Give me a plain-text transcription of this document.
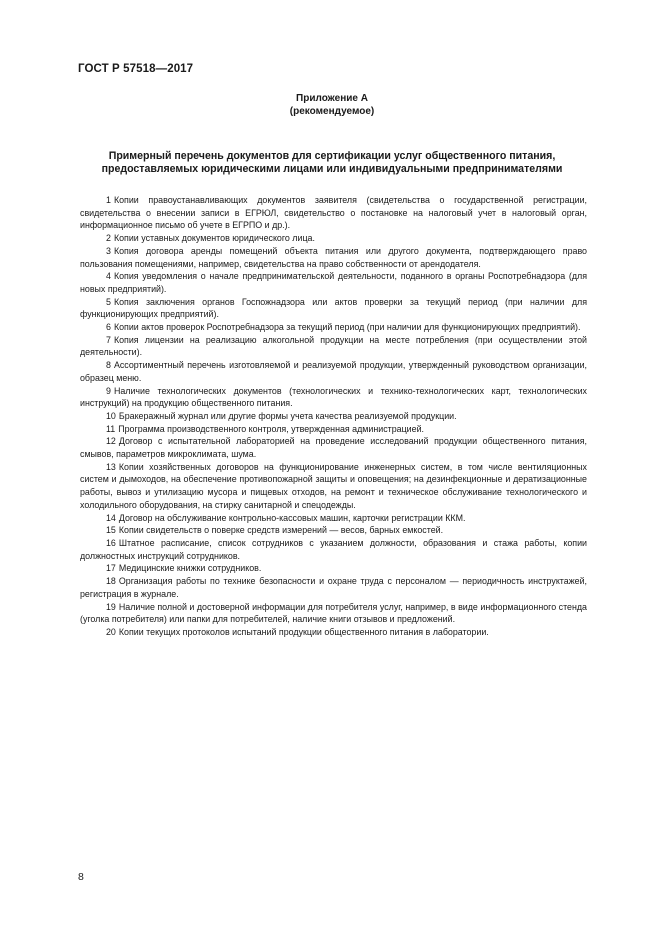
ГОСТ Р 57518—2017
Приложение А
(рекомендуемое)
Примерный перечень документов для сертификации услуг общественного питания,
предоставляемых юридическими лицами или индивидуальными предпринимателями
1 Копии правоустанавливающих документов заявителя (свидетельства о государственной регистрации, свидетельства о внесении записи в ЕГРЮЛ, свидетельство о постановке на налоговый учет в налоговый орган, информационное письмо об учете в ЕГРПО и др.).
2 Копии уставных документов юридического лица.
3 Копия договора аренды помещений объекта питания или другого документа, подтверждающего право пользования помещениями, например, свидетельства на право собственности от арендодателя.
4 Копия уведомления о начале предпринимательской деятельности, поданного в органы Роспотребнадзора (для новых предприятий).
5 Копия заключения органов Госпожнадзора или актов проверки за текущий период (при наличии для функционирующих предприятий).
6 Копии актов проверок Роспотребнадзора за текущий период (при наличии для функционирующих предприятий).
7 Копия лицензии на реализацию алкогольной продукции на месте потребления (при осуществлении этой деятельности).
8 Ассортиментный перечень изготовляемой и реализуемой продукции, утвержденный руководством организации, образец меню.
9 Наличие технологических документов (технологических и технико-технологических карт, технологических инструкций) на продукцию общественного питания.
10 Бракеражный журнал или другие формы учета качества реализуемой продукции.
11 Программа производственного контроля, утвержденная администрацией.
12 Договор с испытательной лабораторией на проведение исследований продукции общественного питания, смывов, параметров микроклимата, шума.
13 Копии хозяйственных договоров на функционирование инженерных систем, в том числе вентиляционных систем и дымоходов, на обеспечение противопожарной защиты и оповещения; на дезинфекционные и дератизационные работы, вывоз и утилизацию мусора и пищевых отходов, на ремонт и техническое обслуживание технологического и холодильного оборудования, на стирку санитарной и спецодежды.
14 Договор на обслуживание контрольно-кассовых машин, карточки регистрации ККМ.
15 Копии свидетельств о поверке средств измерений — весов, барных емкостей.
16 Штатное расписание, список сотрудников с указанием должности, образования и стажа работы, копии должностных инструкций сотрудников.
17 Медицинские книжки сотрудников.
18 Организация работы по технике безопасности и охране труда с персоналом — периодичность инструктажей, регистрация в журнале.
19 Наличие полной и достоверной информации для потребителя услуг, например, в виде информационного стенда (уголка потребителя) или папки для потребителей, наличие книги отзывов и предложений.
20 Копии текущих протоколов испытаний продукции общественного питания в лаборатории.
8
